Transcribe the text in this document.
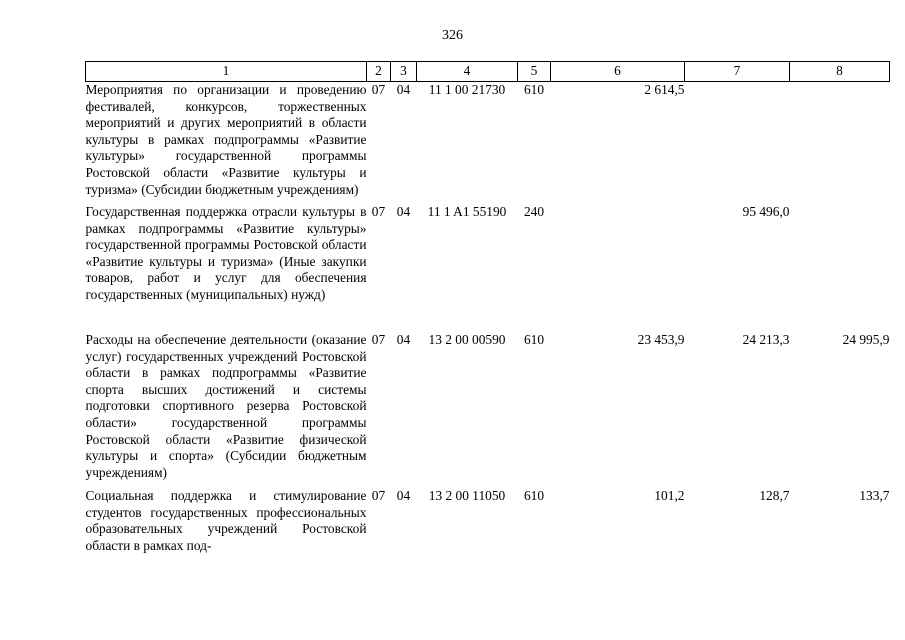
326
1	2	3	4	5	6	7	8
Мероприятия по организации и проведению фестивалей, конкурсов, торжественных мероприятий и других мероприятий в области культуры в рамках подпрограммы «Развитие культуры» государственной программы Ростовской области «Развитие культуры и туризма» (Субсидии бюджетным учреждениям)	07	04	11 1 00 21730	610	2 614,5		
Государственная поддержка отрасли культуры в рамках подпрограммы «Развитие культуры» государственной программы Ростовской области «Развитие культуры и туризма» (Иные закупки товаров, работ и услуг для обеспечения государственных (муниципальных) нужд)	07	04	11 1 A1 55190	240		95 496,0	
Расходы на обеспечение деятельности (оказание услуг) государственных учреждений Ростовской области в рамках подпрограммы «Развитие спорта высших достижений и системы подготовки спортивного резерва Ростовской области» государственной программы Ростовской области «Развитие физической культуры и спорта» (Субсидии бюджетным учреждениям)	07	04	13 2 00 00590	610	23 453,9	24 213,3	24 995,9
Социальная поддержка и стимулирование студентов государственных профессиональных образовательных учреждений Ростовской области в рамках под-	07	04	13 2 00 11050	610	101,2	128,7	133,7
